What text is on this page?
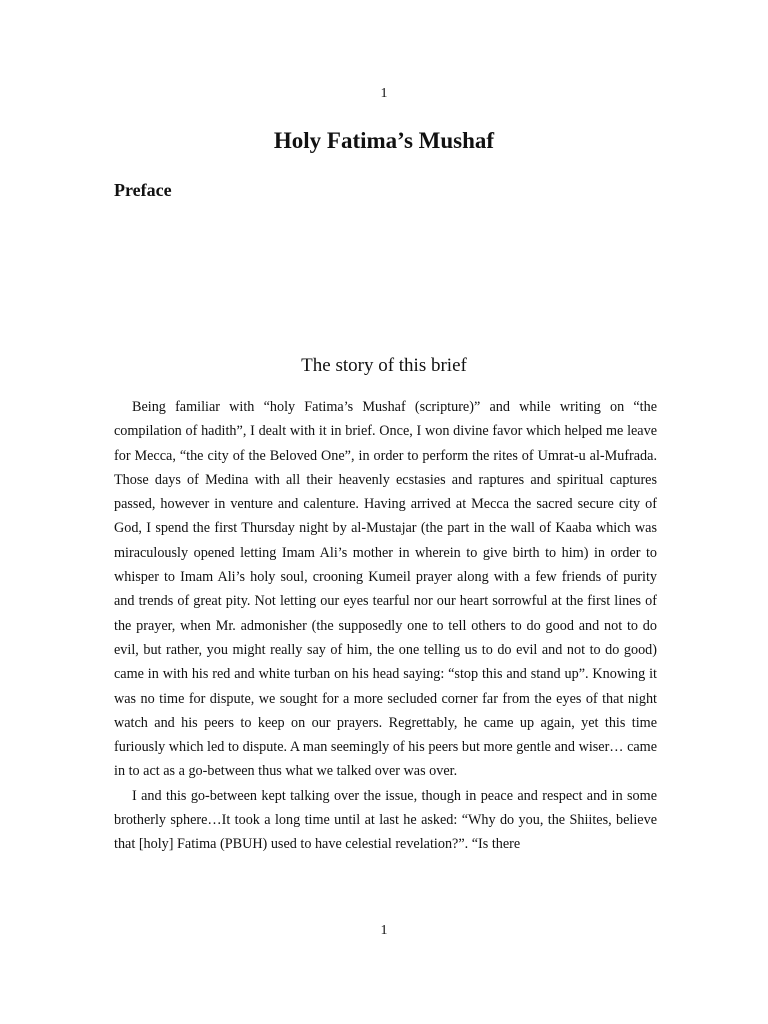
1
Holy Fatima’s Mushaf
Preface
The story of this brief

Being familiar with “holy Fatima’s Mushaf (scripture)” and while writing on “the compilation of hadith”, I dealt with it in brief. Once, I won divine favor which helped me leave for Mecca, “the city of the Beloved One”, in order to perform the rites of Umrat-u al-Mufrada. Those days of Medina with all their heavenly ecstasies and raptures and spiritual captures passed, however in venture and calenture. Having arrived at Mecca the sacred secure city of God, I spend the first Thursday night by al-Mustajar (the part in the wall of Kaaba which was miraculously opened letting Imam Ali’s mother in wherein to give birth to him) in order to whisper to Imam Ali’s holy soul, crooning Kumeil prayer along with a few friends of purity and trends of great pity. Not letting our eyes tearful nor our heart sorrowful at the first lines of the prayer, when Mr. admonisher (the supposedly one to tell others to do good and not to do evil, but rather, you might really say of him, the one telling us to do evil and not to do good) came in with his red and white turban on his head saying: “stop this and stand up”. Knowing it was no time for dispute, we sought for a more secluded corner far from the eyes of that night watch and his peers to keep on our prayers. Regrettably, he came up again, yet this time furiously which led to dispute. A man seemingly of his peers but more gentle and wiser… came in to act as a go-between thus what we talked over was over.

I and this go-between kept talking over the issue, though in peace and respect and in some brotherly sphere…It took a long time until at last he asked: “Why do you, the Shiites, believe that [holy] Fatima (PBUH) used to have celestial revelation?”. “Is there

1
